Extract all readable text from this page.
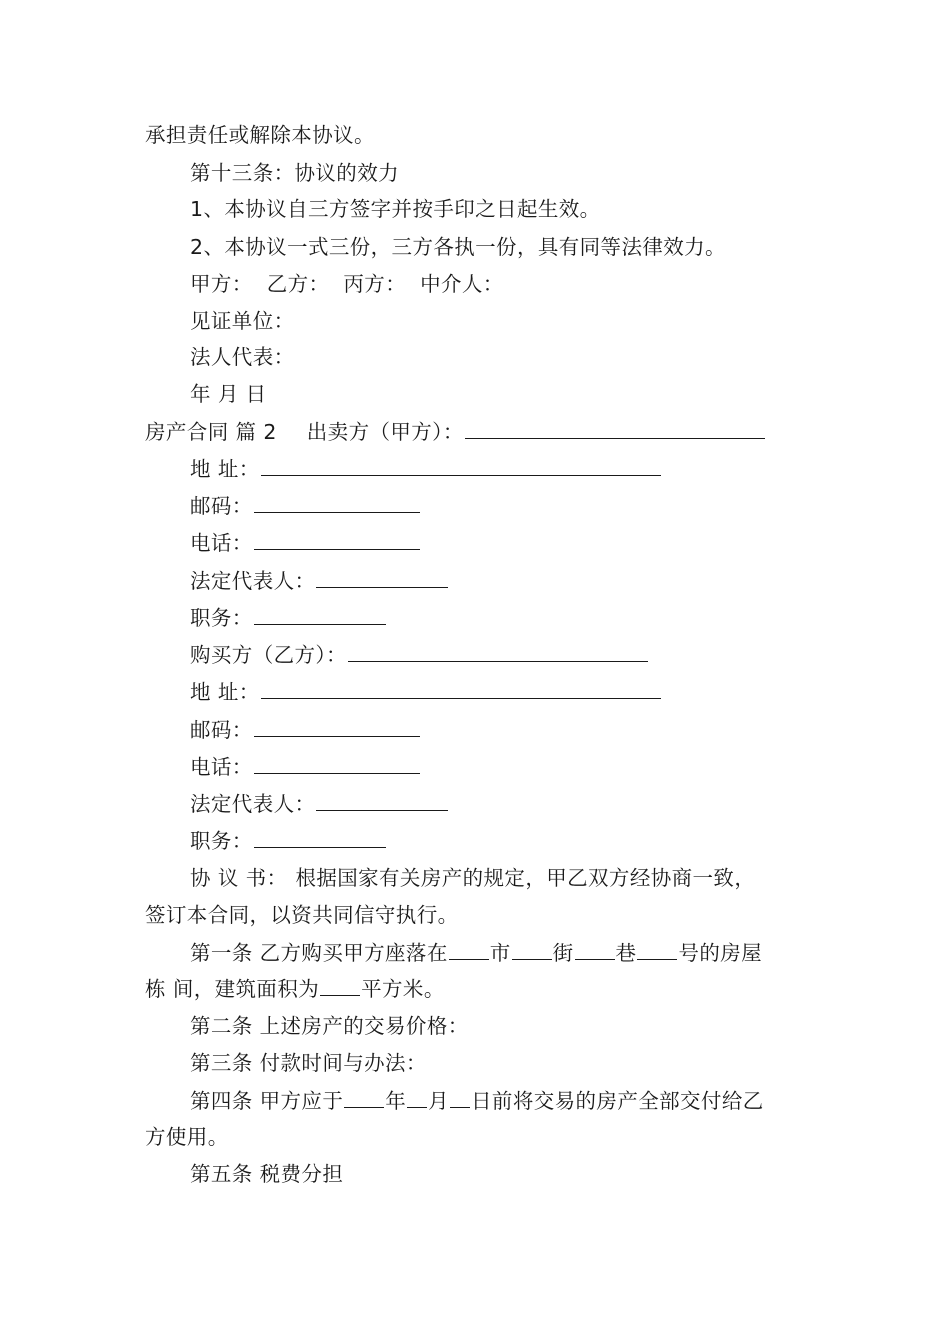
承担责任或解除本协议。
第十三条：协议的效力
1、本协议自三方签字并按手印之日起生效。
2、本协议一式三份，三方各执一份，具有同等法律效力。
甲方： 乙方： 丙方： 中介人：
见证单位：
法人代表：
年 月 日
房产合同 篇 2 出卖方（甲方）：
地 址：
邮码：
电话：
法定代表人：
职务：
购买方（乙方）：
地 址：
邮码：
电话：
法定代表人：
职务：
协 议 书： 根据国家有关房产的规定，甲乙双方经协商一致，
签订本合同，以资共同信守执行。
第一条 乙方购买甲方座落在 市 街 巷 号的房屋
栋 间，建筑面积为 平方米。
第二条 上述房产的交易价格：
第三条 付款时间与办法：
第四条 甲方应于 年 月 日前将交易的房产全部交付给乙
方使用。
第五条 税费分担
